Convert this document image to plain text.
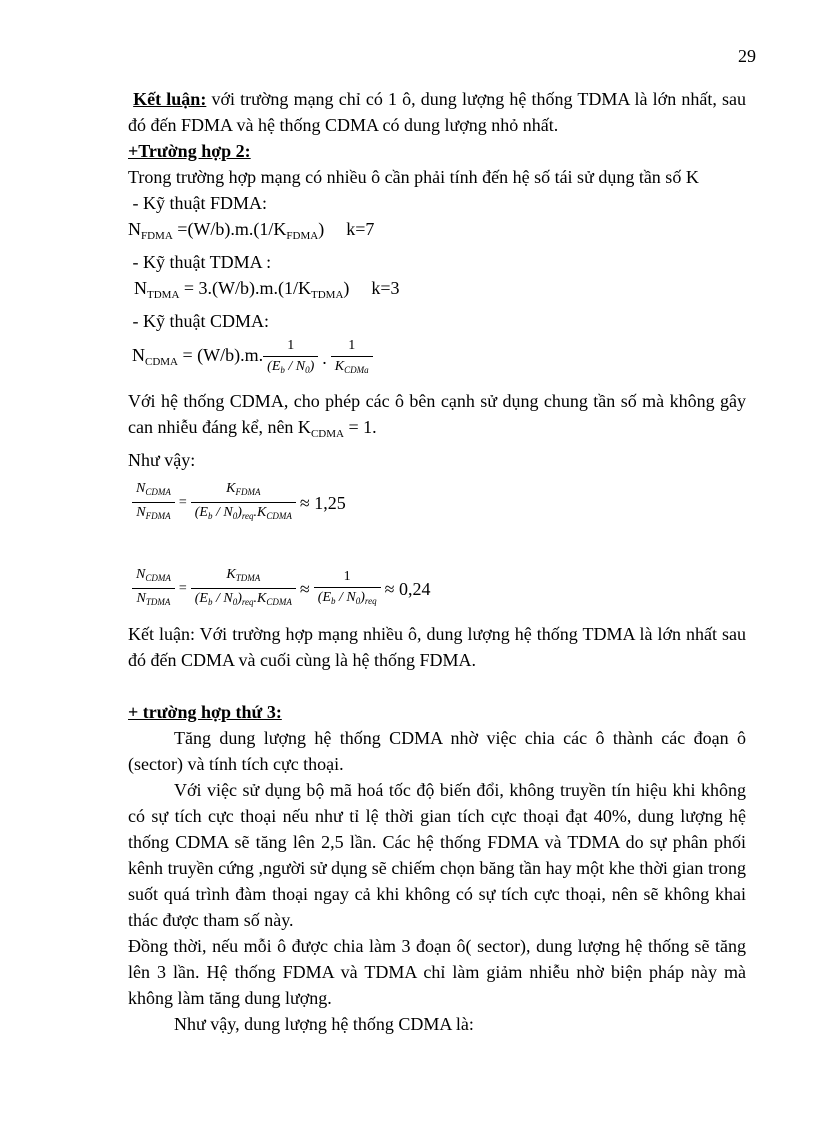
29

Kết luận: với trường mạng chỉ có 1 ô, dung lượng hệ thống TDMA là lớn nhất, sau đó đến FDMA và hệ thống CDMA có dung lượng nhỏ nhất.

+Trường hợp 2:

Trong trường hợp mạng có nhiều ô cần phải tính đến hệ số tái sử dụng tần số K

- Kỹ thuật FDMA:

$N_{FDMA} =(W/b).m.(1/K_{FDMA})$ k=7

- Kỹ thuật TDMA :

$N_{TDMA} = 3.(W/b).m.(1/K_{TDMA})$ k=3

- Kỹ thuật CDMA:

$N_{CDMA} = (W/b).m$. $\frac{1}{(E_b / N_0)}$ . $\frac{1}{K_{CDMa}}$

Với hệ thống CDMA, cho phép các ô bên cạnh sử dụng chung tần số mà không gây can nhiễu đáng kể, nên $K_{CDMA} = 1$.

Như vậy:

$\frac{N_{CDMA}}{N_{FDMA}} = \frac{K_{FDMA}}{(E_b / N_0)_{req}.K_{CDMA}} \approx 1,25$
$\frac{N_{CDMA}}{N_{TDMA}} = \frac{K_{TDMA}}{(E_b / N_0)_{req}.K_{CDMA}} \approx \frac{1}{(E_b / N_0)_{req}} \approx 0,24$

Kết luận: Với trường hợp mạng nhiều ô, dung lượng hệ thống TDMA là lớn nhất sau đó đến CDMA và cuối cùng là hệ thống FDMA.

+ trường hợp thứ 3:

Tăng dung lượng hệ thống CDMA nhờ việc chia các ô thành các đoạn ô (sector) và tính tích cực thoại.

Với việc sử dụng bộ mã hoá tốc độ biến đổi, không truyền tín hiệu khi không có sự tích cực thoại nếu như tỉ lệ thời gian tích cực thoại đạt 40%, dung lượng hệ thống CDMA sẽ tăng lên 2,5 lần. Các hệ thống FDMA và TDMA do sự phân phối kênh truyền cứng ,người sử dụng sẽ chiếm chọn băng tần hay một khe thời gian trong suốt quá trình đàm thoại ngay cả khi không có sự tích cực thoại, nên sẽ không khai thác được tham số này.

Đồng thời, nếu mỗi ô được chia làm 3 đoạn ô( sector), dung lượng hệ thống sẽ tăng lên 3 lần. Hệ thống FDMA và TDMA chỉ làm giảm nhiễu nhờ biện pháp này mà không làm tăng dung lượng.

Như vậy, dung lượng hệ thống CDMA là:
